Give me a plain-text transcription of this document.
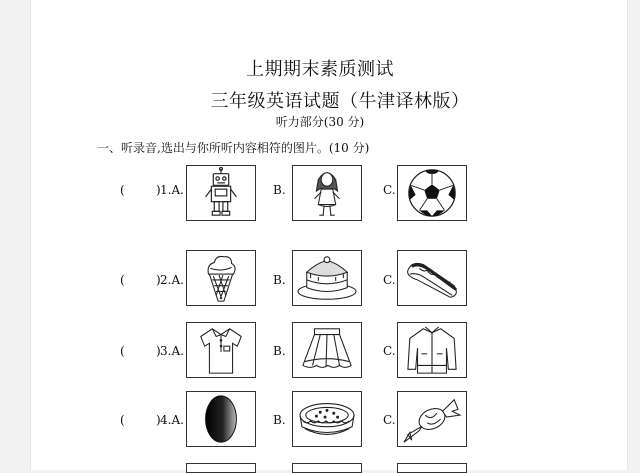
上期期末素质测试
三年级英语试题（牛津译林版）
听力部分(30 分)
一、听录音,选出与你所听内容相符的图片。(10 分)
(	) 1.A.	B.	C.
(	) 2.A.	B.	C.
(	) 3.A.	B.	C.
(	) 4.A.	B.	C.
